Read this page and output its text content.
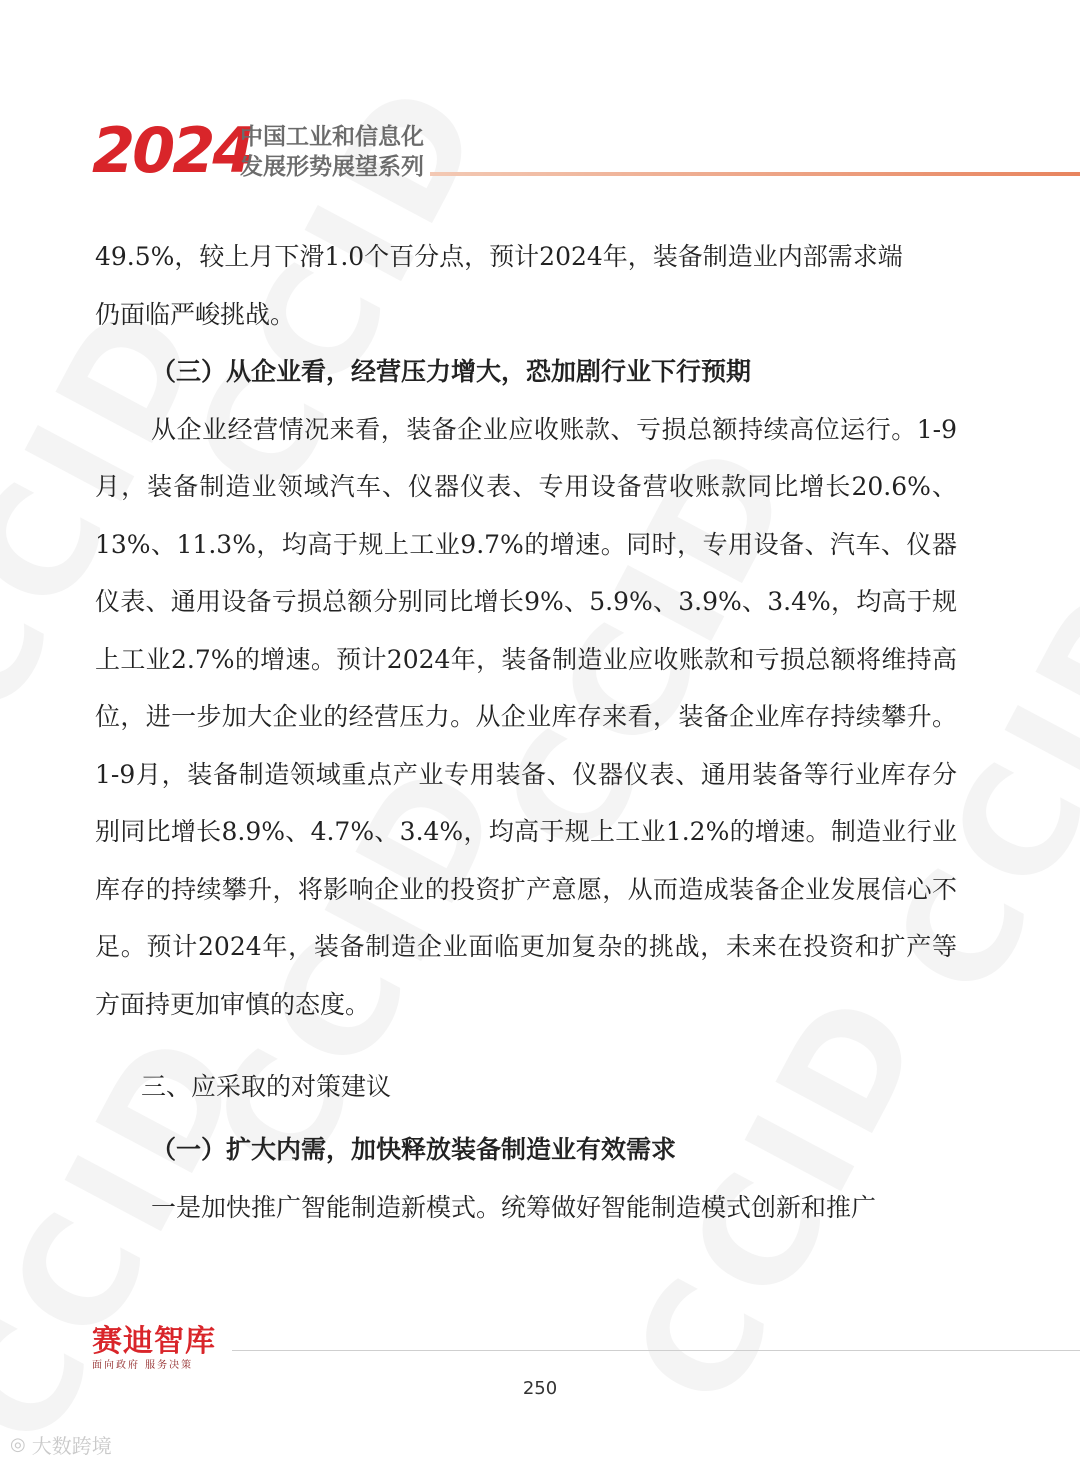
2024
中国工业和信息化
发展形势展望系列

49.5%，较上月下滑1.0个百分点，预计2024年，装备制造业内部需求端

仍面临严峻挑战。

（三）从企业看，经营压力增大，恐加剧行业下行预期

从企业经营情况来看，装备企业应收账款、亏损总额持续高位运行。1-9月，装备制造业领域汽车、仪器仪表、专用设备营收账款同比增长20.6%、13%、11.3%，均高于规上工业9.7%的增速。同时，专用设备、汽车、仪器仪表、通用设备亏损总额分别同比增长9%、5.9%、3.9%、3.4%，均高于规上工业2.7%的增速。预计2024年，装备制造业应收账款和亏损总额将维持高位，进一步加大企业的经营压力。从企业库存来看，装备企业库存持续攀升。1-9月，装备制造领域重点产业专用装备、仪器仪表、通用装备等行业库存分别同比增长8.9%、4.7%、3.4%，均高于规上工业1.2%的增速。制造业行业库存的持续攀升，将影响企业的投资扩产意愿，从而造成装备企业发展信心不足。预计2024年，装备制造企业面临更加复杂的挑战，未来在投资和扩产等方面持更加审慎的态度。

三、应采取的对策建议

（一）扩大内需，加快释放装备制造业有效需求

一是加快推广智能制造新模式。统筹做好智能制造模式创新和推广

赛迪智库
面向政府 服务决策
250
◎ 大数跨境
